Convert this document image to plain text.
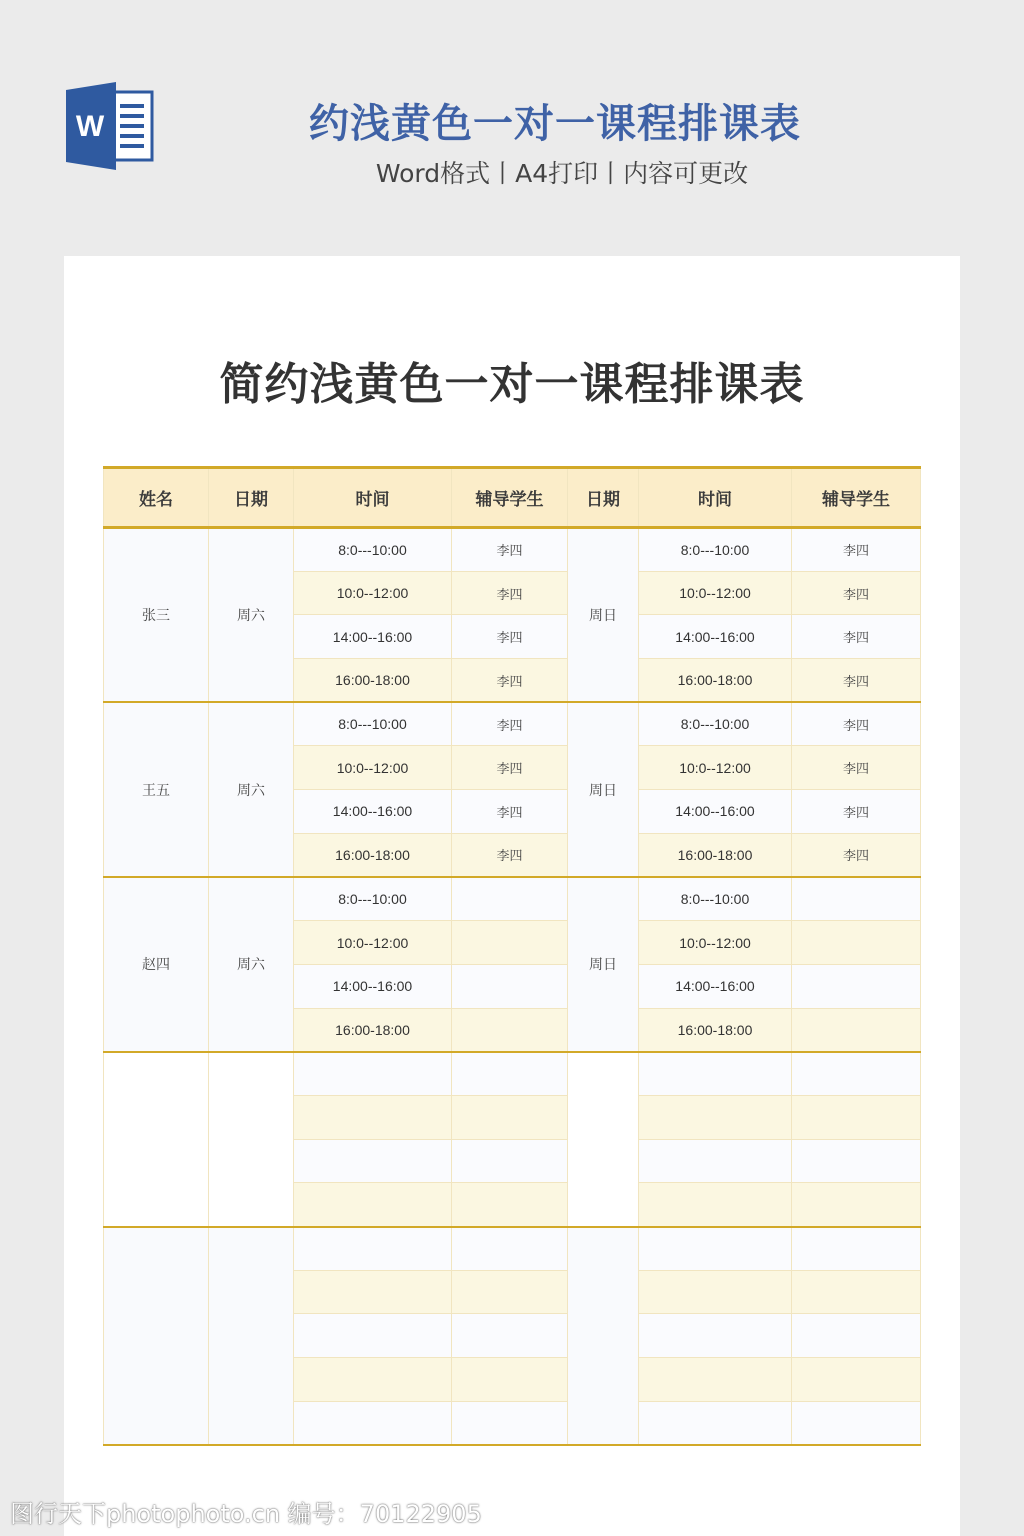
W	约浅黄色一对一课程排课表
Word格式丨A4打印丨内容可更改
简约浅黄色一对一课程排课表
姓名	日期	时间	辅导学生	日期	时间	辅导学生
张三	周六	8:0---10:00	李四	周日	8:0---10:00	李四
		10:0--12:00	李四		10:0--12:00	李四
		14:00--16:00	李四		14:00--16:00	李四
		16:00-18:00	李四		16:00-18:00	李四
王五	周六	8:0---10:00	李四	周日	8:0---10:00	李四
		10:0--12:00	李四		10:0--12:00	李四
		14:00--16:00	李四		14:00--16:00	李四
		16:00-18:00	李四		16:00-18:00	李四
赵四	周六	8:0---10:00		周日	8:0---10:00	
		10:0--12:00			10:0--12:00	
		14:00--16:00			14:00--16:00	
		16:00-18:00			16:00-18:00	

图行天下photophoto.cn 编号：70122905
